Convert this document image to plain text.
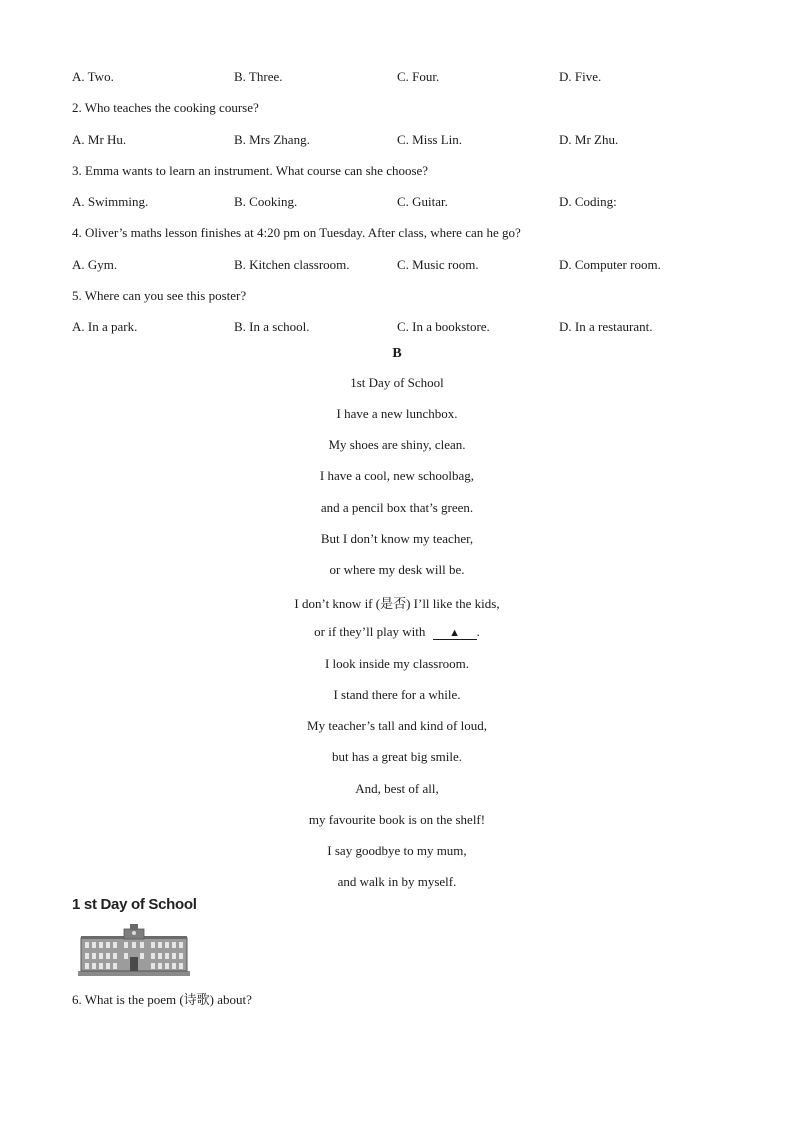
A. Two.	B. Three.	C. Four.	D. Five.
2. Who teaches the cooking course?
A. Mr Hu.	B. Mrs Zhang.	C. Miss Lin.	D. Mr Zhu.
3. Emma wants to learn an instrument. What course can she choose?
A. Swimming.	B. Cooking.	C. Guitar.	D. Coding:
4. Oliver’s maths lesson finishes at 4:20 pm on Tuesday. After class, where can he go?
A. Gym.	B. Kitchen classroom.	C. Music room.	D. Computer room.
5. Where can you see this poster?
A. In a park.	B. In a school.	C. In a bookstore.	D. In a restaurant.
B
1st Day of School
I have a new lunchbox.
My shoes are shiny, clean.
I have a cool, new schoolbag,
and a pencil box that’s green.
But I don’t know my teacher,
or where my desk will be.
I don’t know if (是否) I’ll like the kids,
or if they’ll play with ▲ .
I look inside my classroom.
I stand there for a while.
My teacher’s tall and kind of loud,
but has a great big smile.
And, best of all,
my favourite book is on the shelf!
I say goodbye to my mum,
and walk in by myself.
1 st Day of School
6. What is the poem (诗歌) about?
